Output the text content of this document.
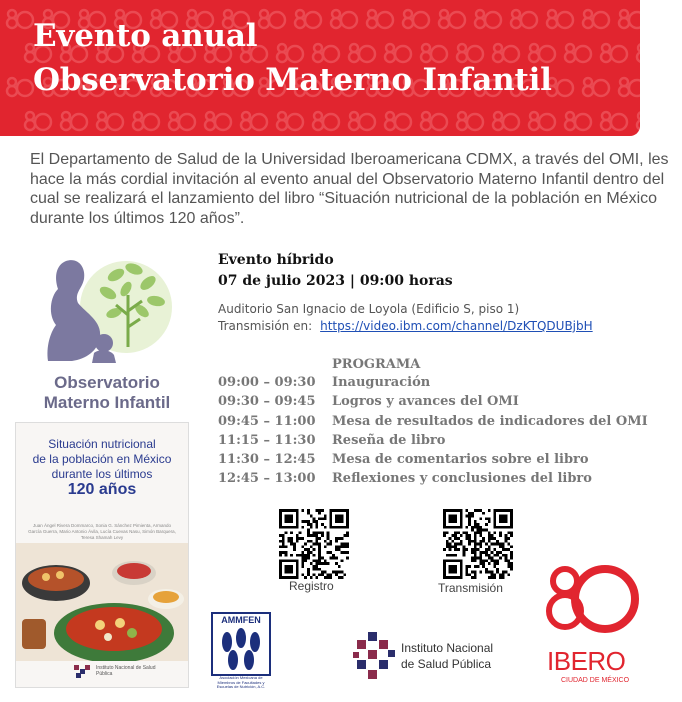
Evento anual
Observatorio Materno Infantil

El Departamento de Salud de la Universidad Iberoamericana CDMX, a través del OMI, les hace la más cordial invitación al evento anual del Observatorio Materno Infantil dentro del cual se realizará el lanzamiento del libro “Situación nutricional de la población en México durante los últimos 120 años”.

Observatorio
Materno Infantil
Situación nutricional
de la población en México
durante los últimos
120 años
Juan Ángel Rivera Dommarco, Sonia G. Sánchez Pimienta, Armando García Guerra, Mario Antonio Ávila, Lucía Cuevas Nasu, Simón Barquera, Teresa Shamah Levy
Instituto Nacional de Salud Pública
Evento híbrido
07 de julio 2023 | 09:00 horas
Auditorio San Ignacio de Loyola (Edificio S, piso 1)
Transmisión en: https://video.ibm.com/channel/DzKTQDUBjbH
PROGRAMA
09:00 – 09:30	Inauguración
09:30 – 09:45	Logros y avances del OMI
09:45 – 11:00	Mesa de resultados de indicadores del OMI
11:15 – 11:30	Reseña de libro
11:30 – 12:45	Mesa de comentarios sobre el libro
12:45 – 13:00	Reflexiones y conclusiones del libro
Registro	Transmisión
AMMFEN
Asociación Mexicana de Miembros de Facultades y Escuelas de Nutrición, A.C.
Instituto Nacional
de Salud Pública
80
IBERO
CIUDAD DE MÉXICO
